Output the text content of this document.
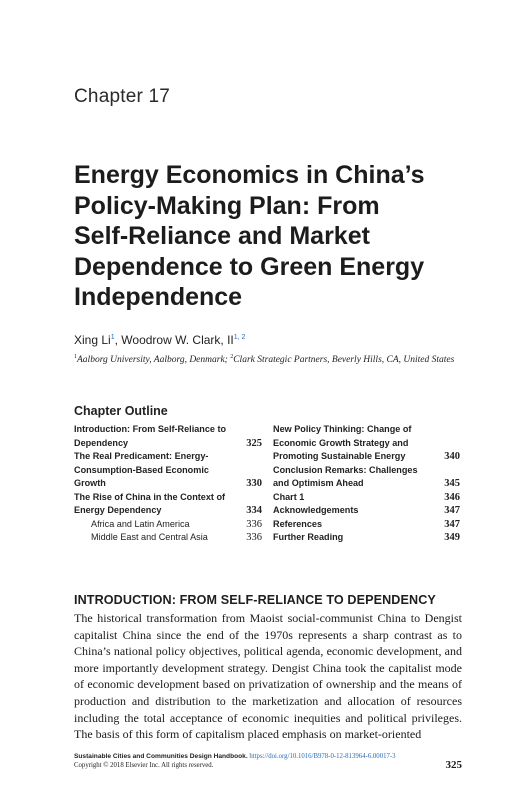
Chapter 17
Energy Economics in China’s
Policy-Making Plan: From
Self-Reliance and Market
Dependence to Green Energy
Independence
Xing Li$^1$, Woodrow W. Clark, II$^{1, 2}$
$^1$Aalborg University, Aalborg, Denmark; $^2$Clark Strategic Partners, Beverly Hills, CA, United States
Chapter Outline
Introduction: From Self-Reliance to
Dependency	325
The Real Predicament: Energy-
Consumption-Based Economic
Growth	330
The Rise of China in the Context of
Energy Dependency	334
Africa and Latin America	336
Middle East and Central Asia	336
New Policy Thinking: Change of
Economic Growth Strategy and
Promoting Sustainable Energy	340
Conclusion Remarks: Challenges
and Optimism Ahead	345
Chart 1	346
Acknowledgements	347
References	347
Further Reading	349
INTRODUCTION: FROM SELF-RELIANCE TO DEPENDENCY

The historical transformation from Maoist social-communist China to Dengist capitalist China since the end of the 1970s represents a sharp contrast as to China’s national policy objectives, political agenda, economic development, and more importantly development strategy. Dengist China took the capitalist mode of economic development based on privatization of ownership and the means of production and distribution to the marketization and allocation of resources including the total acceptance of economic inequities and political privileges. The basis of this form of capitalism placed emphasis on market-oriented

Sustainable Cities and Communities Design Handbook. https://doi.org/10.1016/B978-0-12-813964-6.00017-3
Copyright © 2018 Elsevier Inc. All rights reserved.	325
